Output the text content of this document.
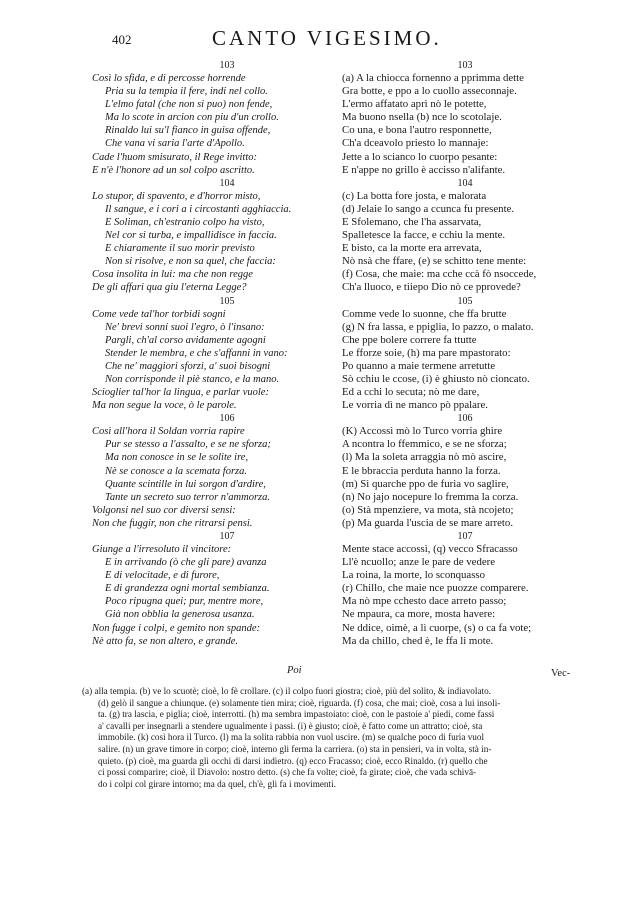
402	CANTO VIGESIMO.
103
Così lo sfida, e di percosse horrende
Pria su la tempia il fere, indi nel collo.
L'elmo fatal (che non si puo) non fende,
Ma lo scote in arcion con piu d'un crollo.
Rinaldo lui su'l fianco in guisa offende,
Che vana vi saria l'arte d'Apollo.
Cade l'huom smisurato, il Rege invitto:
E n'è l'honore ad un sol colpo ascritto.
104
Lo stupor, di spavento, e d'horror misto,
Il sangue, e i cori a i circostanti agghiaccia.
E Soliman, ch'estranio colpo ha visto,
Nel cor si turba, e impallidisce in faccia.
E chiaramente il suo morir previsto
Non si risolve, e non sa quel, che faccia:
Cosa insolita in lui: ma che non regge
De gli affari qua giu l'eterna Legge?
105
Come vede tal'hor torbidi sogni
Ne' brevi sonni suoi l'egro, ò l'insano:
Pargli, ch'al corso avidamente agogni
Stender le membra, e che s'affanni in vano:
Che ne' maggiori sforzi, a' suoi bisogni
Non corrisponde il piè stanco, e la mano.
Scioglier tal'hor la lingua, e parlar vuole:
Ma non segue la voce, ò le parole.
106
Così all'hora il Soldan vorria rapire
Pur se stesso a l'assalto, e se ne sforza;
Ma non conosce in se le solite ire,
Nè se conosce a la scemata forza.
Quante scintille in lui sorgon d'ardire,
Tante un secreto suo terror n'ammorza.
Volgonsi nel suo cor diversi sensi:
Non che fuggir, non che ritrarsi pensi.
107
Giunge a l'irresoluto il vincitore:
E in arrivando (ò che gli pare) avanza
E di velocitade, e di furore,
E di grandezza ogni mortal sembianza.
Poco ripugna quei; pur, mentre more,
Già non obblia la generosa usanza.
Non fugge i colpi, e gemito non spande:
Nè atto fa, se non altero, e grande.
103
(a) A la chiocca fornenno a pprimma dette
Gra botte, e ppo a lo cuollo asseconnaje.
L'ermo affatato aprì nò le potette,
Ma buono nsella (b) nce lo scotolaje.
Co una, e bona l'autro responnette,
Ch'a dceavolo priesto lo mannaje:
Jette a lo sciancо lo cuorpo pesante:
E n'appe no grillo è accisso n'alifante.
104
(c) La botta fore josta, e malorata
(d) Jelaie lo sango a ccunca fu presente.
E Sfolemano, che l'ha assarvata,
Spalletesce la facce, e cchiu la mente.
E bisto, ca la morte era arrevata,
Nò nsà che ffare, (e) se schitto tene mente:
(f) Cosa, che maie: ma cche ccà fò nsoccede,
Ch'a lluoco, e tiiepo Dio nò ce pprovede?
105
Comme vede lo suonne, che ffa brutte
(g) N fra lassa, e ppiglia, lo pazzo, o malato.
Che ppe bolere correre fa ttutte
Le fforze soie, (h) ma pare mpastorato:
Po quanno a maie termene arretutte
Sò cchiu le ccose, (i) è ghiusto nò cioncato.
Ed a cchi lo secuta; nò me dare,
Le vorria dì ne manco pò ppalare.
106
(K) Accossì mò lo Turco vorria ghire
A ncontra lo ffemmico, e se ne sforza;
(l) Ma la soleta arraggia nò mò ascire,
E le bbraccia perduta hanno la forza.
(m) Sì quarche ppo de furia vo saglire,
(n) No jajo nocepure lo fremma la corza.
(o) Stà mpenziere, va mota, stà ncojeto;
(p) Ma guarda l'uscia de se mare arreto.
107
Mente stace accossì, (q) vecco Sfracasso
Ll'è ncuollo; anze le pare de vedere
La roina, la morte, lo sconquasso
(r) Chillo, che maie nce puozze comparere.
Ma nò mpe cchesto dace arreto passo;
Ne mpaura, ca more, mosta havere:
Ne ddice, oimè, a lì cuorpe, (s) o ca fa vote;
Ma da chillo, ched è, le ffa li mote.
Poi	Vec-
(a) alla tempia. (b) ve lo scuotè; cioè, lo fè crollare. (c) il colpo fuori giostra; cioè, più del solito, & indiavolato.
(d) gelò il sangue a chiunque. (e) solamente tien mira; cioè, riguarda. (f) cosa, che mai; cioè, cosa a lui insoli-
ta. (g) tra lascia, e piglia; cioè, interrotti. (h) ma sembra impastoiato: cioè, con le pastoie a' piedi, come fassi
a' cavalli per insegnarli a stendere ugualmente i passi. (i) è giusto; cioè, è fatto come un attratto; cioè, sta
immobile. (k) così hora il Turco. (l) ma la solita rabbia non vuol uscire. (m) se qualche poco di furia vuol
salire. (n) un grave timore in corpo; cioè, interno gli ferma la carriera. (o) sta in pensieri, va in volta, stà in-
quieto. (p) cioè, ma guarda gli occhi di darsi indietro. (q) ecco Fracasso; cioè, ecco Rinaldo. (r) quello che
ci possi comparire; cioè, il Diavolo: nostro detto. (s) che fa volte; cioè, fa girate; cioè, che vada schivā-
do i colpi col girare intorno; ma da quel, ch'è, gli fa i movimenti.
